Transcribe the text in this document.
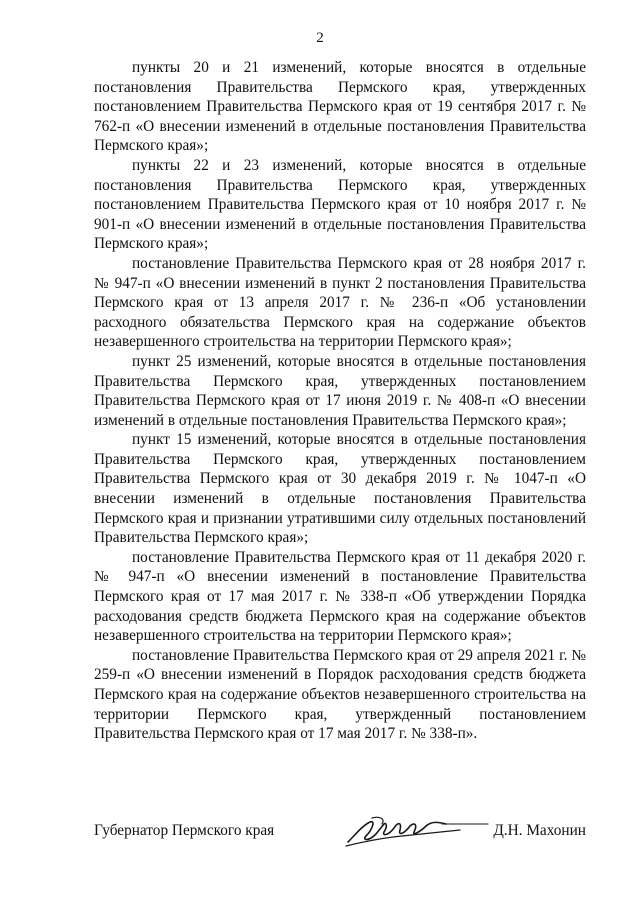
2

пункты 20 и 21 изменений, которые вносятся в отдельные постановления Правительства Пермского края, утвержденных постановлением Правительства Пермского края от 19 сентября 2017 г. № 762-п «О внесении изменений в отдельные постановления Правительства Пермского края»;

пункты 22 и 23 изменений, которые вносятся в отдельные постановления Правительства Пермского края, утвержденных постановлением Правительства Пермского края от 10 ноября 2017 г. № 901-п «О внесении изменений в отдельные постановления Правительства Пермского края»;

постановление Правительства Пермского края от 28 ноября 2017 г. № 947-п «О внесении изменений в пункт 2 постановления Правительства Пермского края от 13 апреля 2017 г. № 236-п «Об установлении расходного обязательства Пермского края на содержание объектов незавершенного строительства на территории Пермского края»;

пункт 25 изменений, которые вносятся в отдельные постановления Правительства Пермского края, утвержденных постановлением Правительства Пермского края от 17 июня 2019 г. № 408-п «О внесении изменений в отдельные постановления Правительства Пермского края»;

пункт 15 изменений, которые вносятся в отдельные постановления Правительства Пермского края, утвержденных постановлением Правительства Пермского края от 30 декабря 2019 г. № 1047-п «О внесении изменений в отдельные постановления Правительства Пермского края и признании утратившими силу отдельных постановлений Правительства Пермского края»;

постановление Правительства Пермского края от 11 декабря 2020 г. № 947-п «О внесении изменений в постановление Правительства Пермского края от 17 мая 2017 г. № 338-п «Об утверждении Порядка расходования средств бюджета Пермского края на содержание объектов незавершенного строительства на территории Пермского края»;

постановление Правительства Пермского края от 29 апреля 2021 г. № 259-п «О внесении изменений в Порядок расходования средств бюджета Пермского края на содержание объектов незавершенного строительства на территории Пермского края, утвержденный постановлением Правительства Пермского края от 17 мая 2017 г. № 338-п».

Губернатор Пермского края	Д.Н. Махонин
